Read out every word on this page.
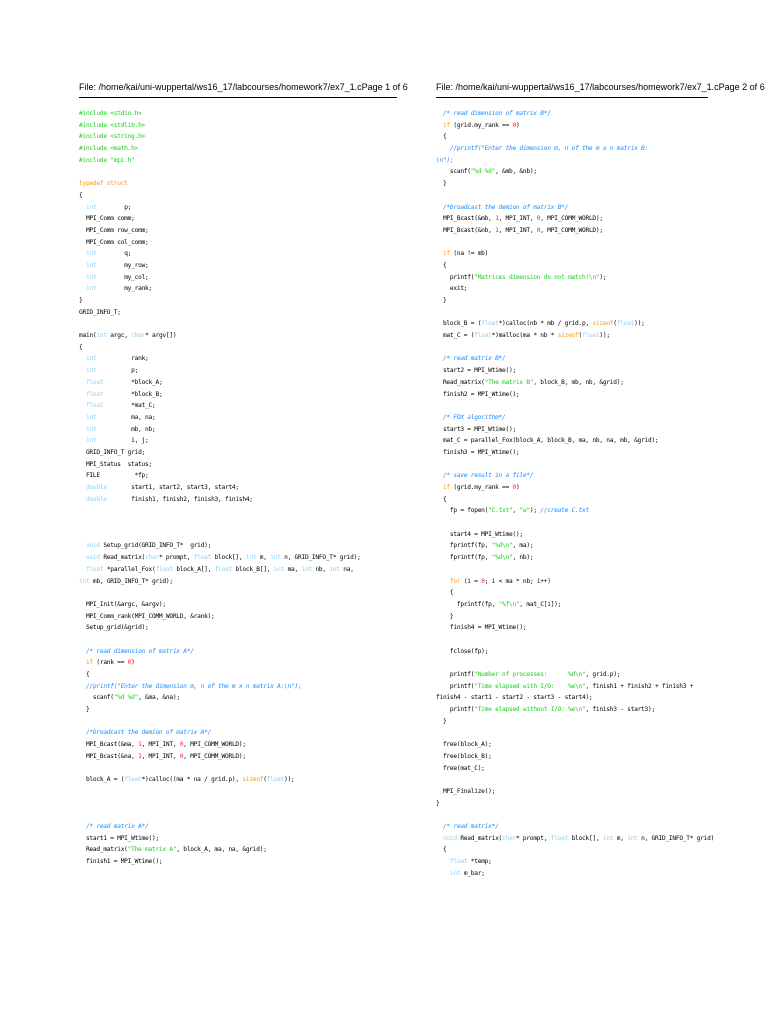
File: /home/kai/uni-wuppertal/ws16_17/labcourses/homework7/ex7_1.c Page 1 of 6
#include <stdio.h>
#include <stdlib.h>
#include <string.h>
#include <math.h>
#include "mpi.h"
typedef struct
{
int        p;
MPI_Comm comm;
MPI_Comm row_comm;
MPI_Comm col_comm;
int        q;
int        my_row;
int        my_col;
int        my_rank;
}
GRID_INFO_T;
main(int argc, char* argv[])
{
int          rank;
int          p;
float        *block_A;
float        *block_B;
float        *mat_C;
int          ma, na;
int          mb, nb;
int          i, j;
GRID_INFO_T grid;
MPI_Status  status;
FILE          *fp;
double       start1, start2, start3, start4;
double       finish1, finish2, finish3, finish4;
void Setup_grid(GRID_INFO_T*  grid);
void Read_matrix(char* prompt, float block[], int m, int n, GRID_INFO_T* grid);
float *parallel_Fox(float block_A[], float block_B[], int ma, int nb, int na,
int mb, GRID_INFO_T* grid);
MPI_Init(&argc, &argv);
MPI_Comm_rank(MPI_COMM_WORLD, &rank);
Setup_grid(&grid);
/* read dimension of matrix A*/
if (rank == 0)
{
//printf("Enter the dimension m, n of the m x n matrix A:\n");
scanf("%d %d", &ma, &na);
}
/*broadcast the demion of matrix A*/
MPI_Bcast(&ma, 1, MPI_INT, 0, MPI_COMM_WORLD);
MPI_Bcast(&na, 1, MPI_INT, 0, MPI_COMM_WORLD);
block_A = (float*)calloc((ma * na / grid.p), sizeof(float));
/* read matrix A*/
start1 = MPI_Wtime();
Read_matrix("The matrix A", block_A, ma, na, &grid);
finish1 = MPI_Wtime();
File: /home/kai/uni-wuppertal/ws16_17/labcourses/homework7/ex7_1.c Page 2 of 6
/* read dimension of matrix B*/
if (grid.my_rank == 0)
{
//printf("Enter the dimension m, n of the m x n matrix B:
\n");
scanf("%d %d", &mb, &nb);
}
/*broadcast the demion of matrix B*/
MPI_Bcast(&mb, 1, MPI_INT, 0, MPI_COMM_WORLD);
MPI_Bcast(&nb, 1, MPI_INT, 0, MPI_COMM_WORLD);
if (na != mb)
{
printf("Matrices dimension do not match!\n");
exit;
}
block_B = (float*)calloc(nb * mb / grid.p, sizeof(float));
mat_C = (float*)malloc(ma * nb * sizeof(float));
/* read matrix B*/
start2 = MPI_Wtime();
Read_matrix("The matrix B", block_B, mb, nb, &grid);
finish2 = MPI_Wtime();
/* FOX algorithm*/
start3 = MPI_Wtime();
mat_C = parallel_Fox(block_A, block_B, ma, nb, na, mb, &grid);
finish3 = MPI_Wtime();
/* save result in a file*/
if (grid.my_rank == 0)
{
fp = fopen("C.txt", "w"); //create C.txt
start4 = MPI_Wtime();
fprintf(fp, "%d\n", ma);
fprintf(fp, "%d\n", nb);
for (i = 0; i < ma * nb; i++)
{
fprintf(fp, "%f\n", mat_C[i]);
}
finish4 = MPI_Wtime();
fclose(fp);
printf("Number of processes:      %d\n", grid.p);
printf("Time elapsed with I/O:    %e\n", finish1 + finish2 + finish3 +
finish4 - start1 - start2 - start3 - start4);
printf("Time elapsed without I/O: %e\n", finish3 - start3);
}
free(block_A);
free(block_B);
free(mat_C);
MPI_Finalize();
}
/* read matrix*/
void Read_matrix(char* prompt, float block[], int m, int n, GRID_INFO_T* grid)
{
float *temp;
int m_bar;
